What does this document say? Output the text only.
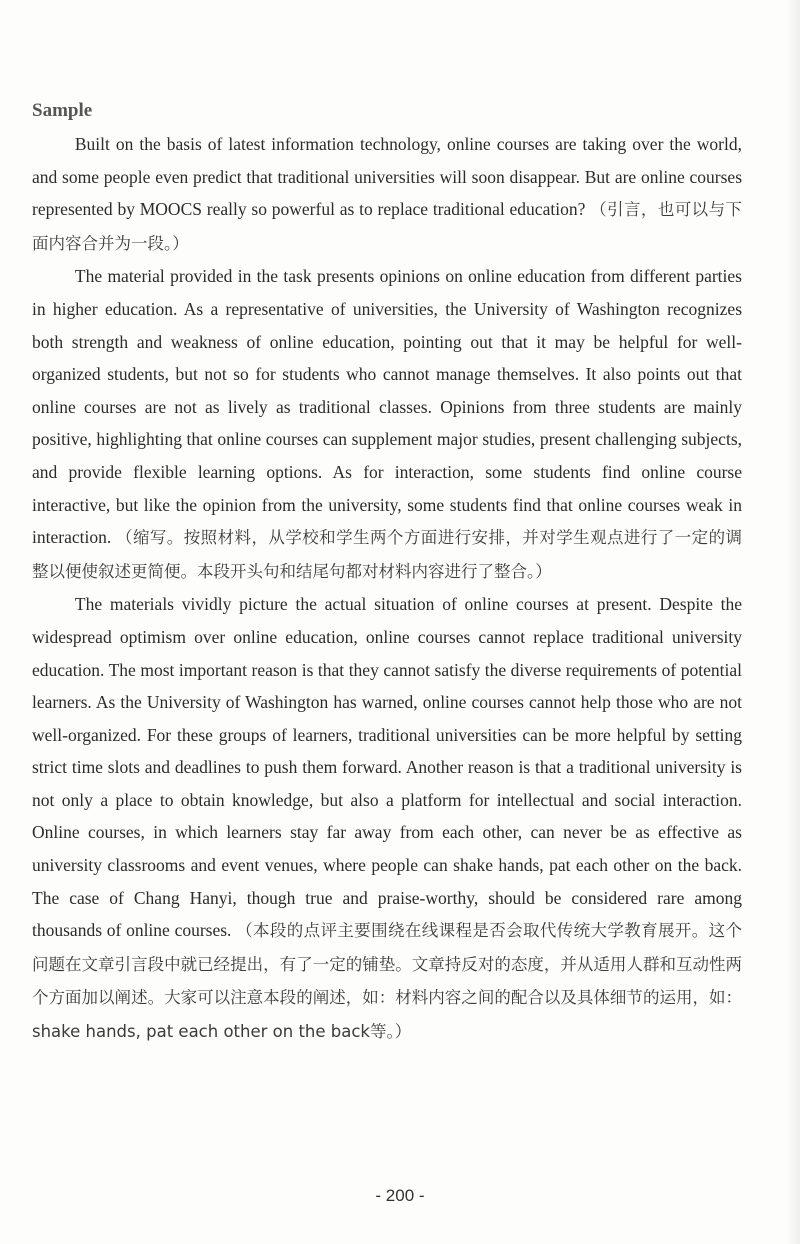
Sample

Built on the basis of latest information technology, online courses are taking over the world, and some people even predict that traditional universities will soon disappear. But are online courses represented by MOOCS really so powerful as to replace traditional education? （引言，也可以与下面内容合并为一段。）

The material provided in the task presents opinions on online education from different parties in higher education. As a representative of universities, the University of Washington recognizes both strength and weakness of online education, pointing out that it may be helpful for well-organized students, but not so for students who cannot manage themselves. It also points out that online courses are not as lively as traditional classes. Opinions from three students are mainly positive, highlighting that online courses can supplement major studies, present challenging subjects, and provide flexible learning options. As for interaction, some students find online course interactive, but like the opinion from the university, some students find that online courses weak in interaction. （缩写。按照材料，从学校和学生两个方面进行安排，并对学生观点进行了一定的调整以便使叙述更简便。本段开头句和结尾句都对材料内容进行了整合。）

The materials vividly picture the actual situation of online courses at present. Despite the widespread optimism over online education, online courses cannot replace traditional university education. The most important reason is that they cannot satisfy the diverse requirements of potential learners. As the University of Washington has warned, online courses cannot help those who are not well-organized. For these groups of learners, traditional universities can be more helpful by setting strict time slots and deadlines to push them forward. Another reason is that a traditional university is not only a place to obtain knowledge, but also a platform for intellectual and social interaction. Online courses, in which learners stay far away from each other, can never be as effective as university classrooms and event venues, where people can shake hands, pat each other on the back. The case of Chang Hanyi, though true and praise-worthy, should be considered rare among thousands of online courses. （本段的点评主要围绕在线课程是否会取代传统大学教育展开。这个问题在文章引言段中就已经提出，有了一定的铺垫。文章持反对的态度，并从适用人群和互动性两个方面加以阐述。大家可以注意本段的阐述，如：材料内容之间的配合以及具体细节的运用，如：shake hands, pat each other on the back等。）

- 200 -
